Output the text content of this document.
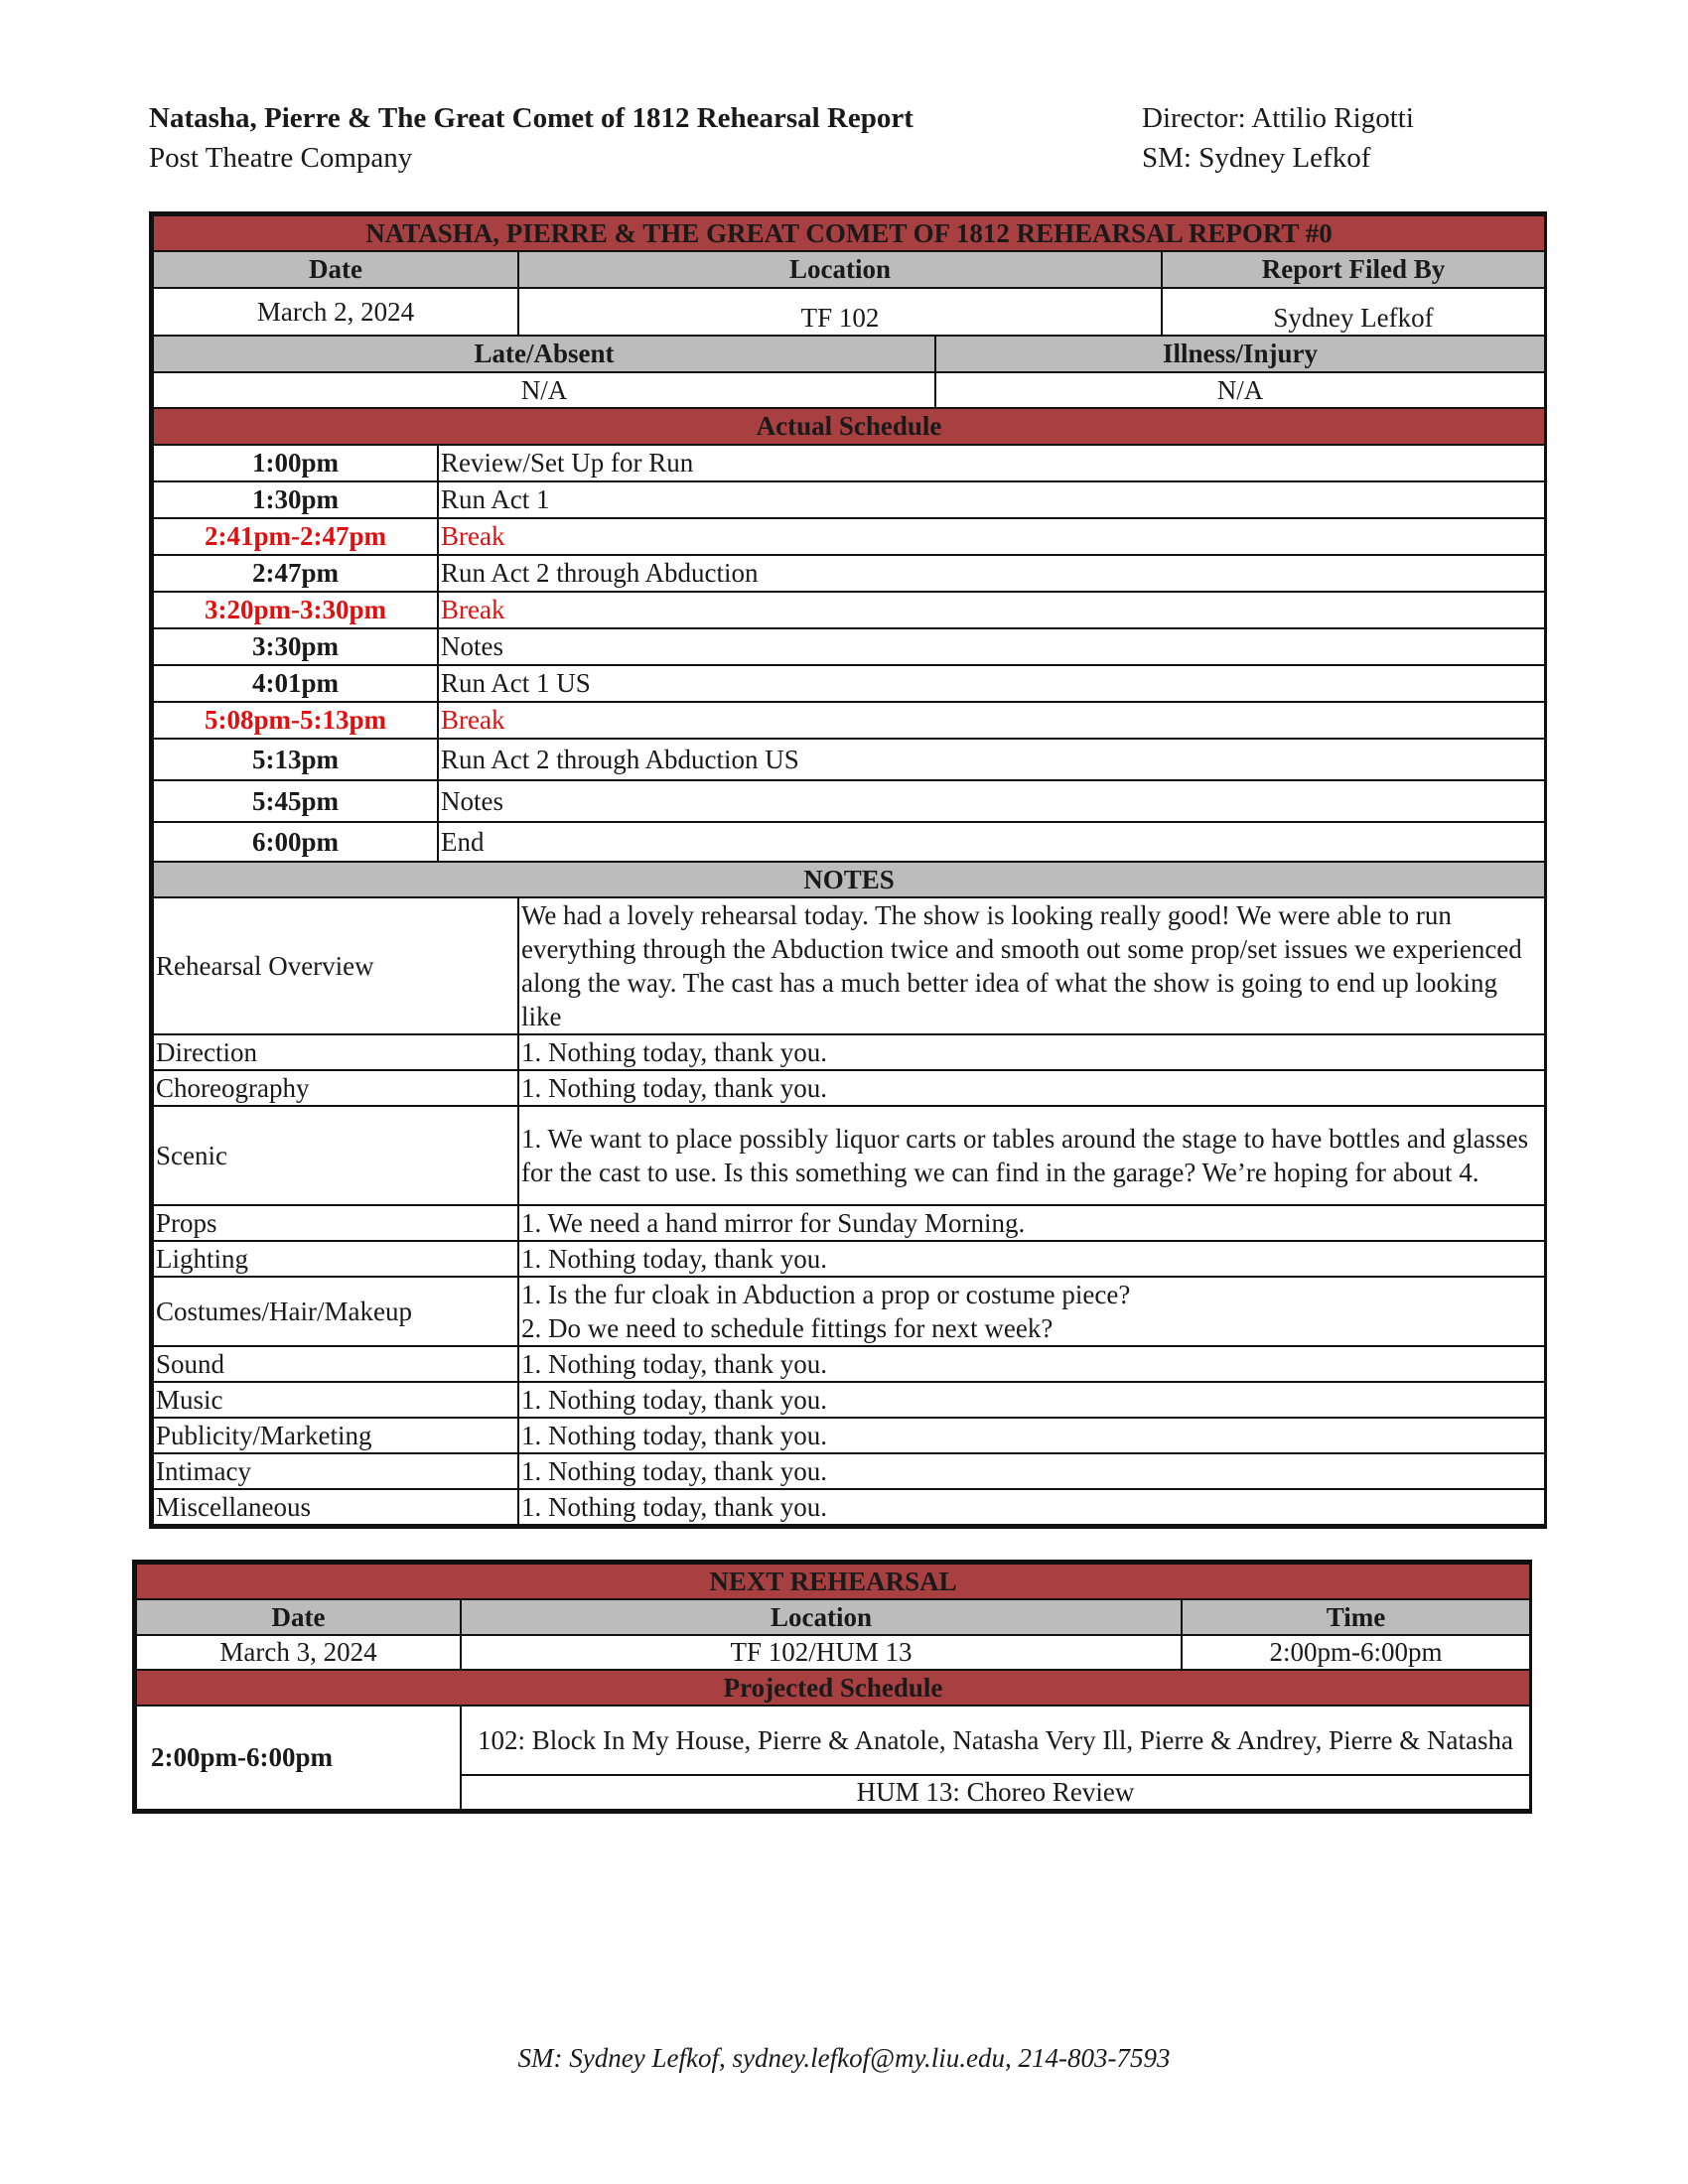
Natasha, Pierre & The Great Comet of 1812 Rehearsal Report
Post Theatre Company
Director: Attilio Rigotti
SM: Sydney Lefkof
NATASHA, PIERRE & THE GREAT COMET OF 1812 REHEARSAL REPORT #0				
Date		Location		Report Filed By
March 2, 2024		TF 102		Sydney Lefkof
Late/Absent			Illness/Injury	
N/A			N/A	
Actual Schedule				
1:00pm	Review/Set Up for Run			
1:30pm	Run Act 1			
2:41pm-2:47pm	Break			
2:47pm	Run Act 2 through Abduction			
3:20pm-3:30pm	Break			
3:30pm	Notes			
4:01pm	Run Act 1 US			
5:08pm-5:13pm	Break			
5:13pm	Run Act 2 through Abduction US			
5:45pm	Notes			
6:00pm	End			
NOTES				
Rehearsal Overview		We had a lovely rehearsal today. The show is looking really good! We were able to run everything through the Abduction twice and smooth out some prop/set issues we experienced along the way. The cast has a much better idea of what the show is going to end up looking like		

Direction		1. Nothing today, thank you.		

Choreography		1. Nothing today, thank you.		

Scenic		1. We want to place possibly liquor carts or tables around the stage to have bottles and glasses for the cast to use. Is this something we can find in the garage? We’re hoping for about 4.		

Props		1. We need a hand mirror for Sunday Morning.		

Lighting		1. Nothing today, thank you.		

Costumes/Hair/Makeup		1. Is the fur cloak in Abduction a prop or costume piece?
2. Do we need to schedule fittings for next week?		

Sound		1. Nothing today, thank you.		

Music		1. Nothing today, thank you.		

Publicity/Marketing		1. Nothing today, thank you.		

Intimacy		1. Nothing today, thank you.		

Miscellaneous		1. Nothing today, thank you.		
NEXT REHEARSAL		
Date	Location	Time
March 3, 2024	TF 102/HUM 13	2:00pm-6:00pm
Projected Schedule		
2:00pm-6:00pm	102: Block In My House, Pierre & Anatole, Natasha Very Ill, Pierre & Andrey, Pierre & Natasha	
	HUM 13: Choreo Review	
SM: Sydney Lefkof, sydney.lefkof@my.liu.edu, 214-803-7593
